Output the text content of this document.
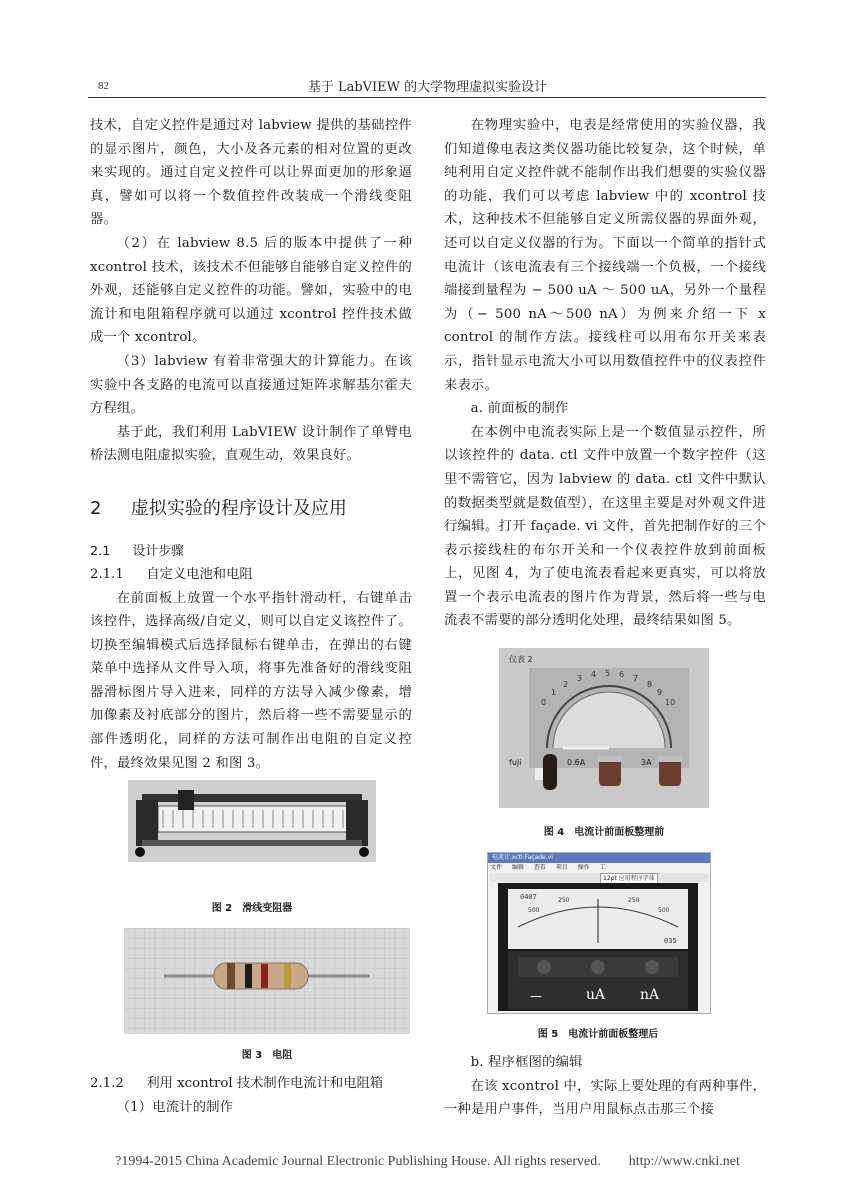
82	基于 LabVIEW 的大学物理虚拟实验设计

技术，自定义控件是通过对 labview 提供的基础控件的显示图片，颜色，大小及各元素的相对位置的更改来实现的。通过自定义控件可以让界面更加的形象逼真，譬如可以将一个数值控件改装成一个滑线变阻器。

（2）在 labview 8.5 后的版本中提供了一种 xcontrol 技术，该技术不但能够自能够自定义控件的外观，还能够自定义控件的功能。譬如，实验中的电流计和电阻箱程序就可以通过 xcontrol 控件技术做成一个 xcontrol。

（3）labview 有着非常强大的计算能力。在该实验中各支路的电流可以直接通过矩阵求解基尔霍夫方程组。

基于此，我们利用 LabVIEW 设计制作了单臂电桥法测电阻虚拟实验，直观生动，效果良好。

2 虚拟实验的程序设计及应用
2.1 设计步骤
2.1.1 自定义电池和电阻

在前面板上放置一个水平指针滑动杆，右键单击该控件，选择高级/自定义，则可以自定义该控件了。切换至编辑模式后选择鼠标右键单击，在弹出的右键菜单中选择从文件导入项，将事先准备好的滑线变阻器滑标图片导入进来，同样的方法导入减少像素，增加像素及衬底部分的图片，然后将一些不需要显示的部件透明化，同样的方法可制作出电阻的自定义控件，最终效果见图 2 和图 3。

图 2　滑线变阻器
图 3　电阻
2.1.2 利用 xcontrol 技术制作电流计和电阻箱

（1）电流计的制作

在物理实验中，电表是经常使用的实验仪器，我们知道像电表这类仪器功能比较复杂，这个时候，单纯利用自定义控件就不能制作出我们想要的实验仪器的功能，我们可以考虑 labview 中的 xcontrol 技术，这种技术不但能够自定义所需仪器的界面外观，还可以自定义仪器的行为。下面以一个简单的指针式电流计（该电流表有三个接线端一个负极，一个接线端接到量程为 − 500 uA ～ 500 uA，另外一个量程为（− 500 nA～500 nA）为例来介绍一下 x control 的制作方法。接线柱可以用布尔开关来表示，指针显示电流大小可以用数值控件中的仪表控件来表示。

a. 前面板的制作

在本例中电流表实际上是一个数值显示控件，所以该控件的 data. ctl 文件中放置一个数字控件（这里不需管它，因为 labview 的 data. ctl 文件中默认的数据类型就是数值型），在这里主要是对外观文件进行编辑。打开 façade. vi 文件，首先把制作好的三个表示接线柱的布尔开关和一个仪表控件放到前面板上，见图 4，为了使电流表看起来更真实，可以将放置一个表示电流表的图片作为背景，然后将一些与电流表不需要的部分透明化处理，最终结果如图 5。

仪表 2
0
1
2
3 4 5 6 7
8
9
10
fuji	0.6A	3A
图 4　电流计前面板整理前
电流计.xctl:Façade.vi
文件 编辑 查看 项目 操作 工
12pt 应用程序字体
0407	250
500
250
500
035
—	uA nA
图 5　电流计前面板整理后

b. 程序框图的编辑

在该 xcontrol 中，实际上要处理的有两种事件，一种是用户事件，当用户用鼠标点击那三个接

?1994-2015 China Academic Journal Electronic Publishing House. All rights reserved.　　http://www.cnki.net
